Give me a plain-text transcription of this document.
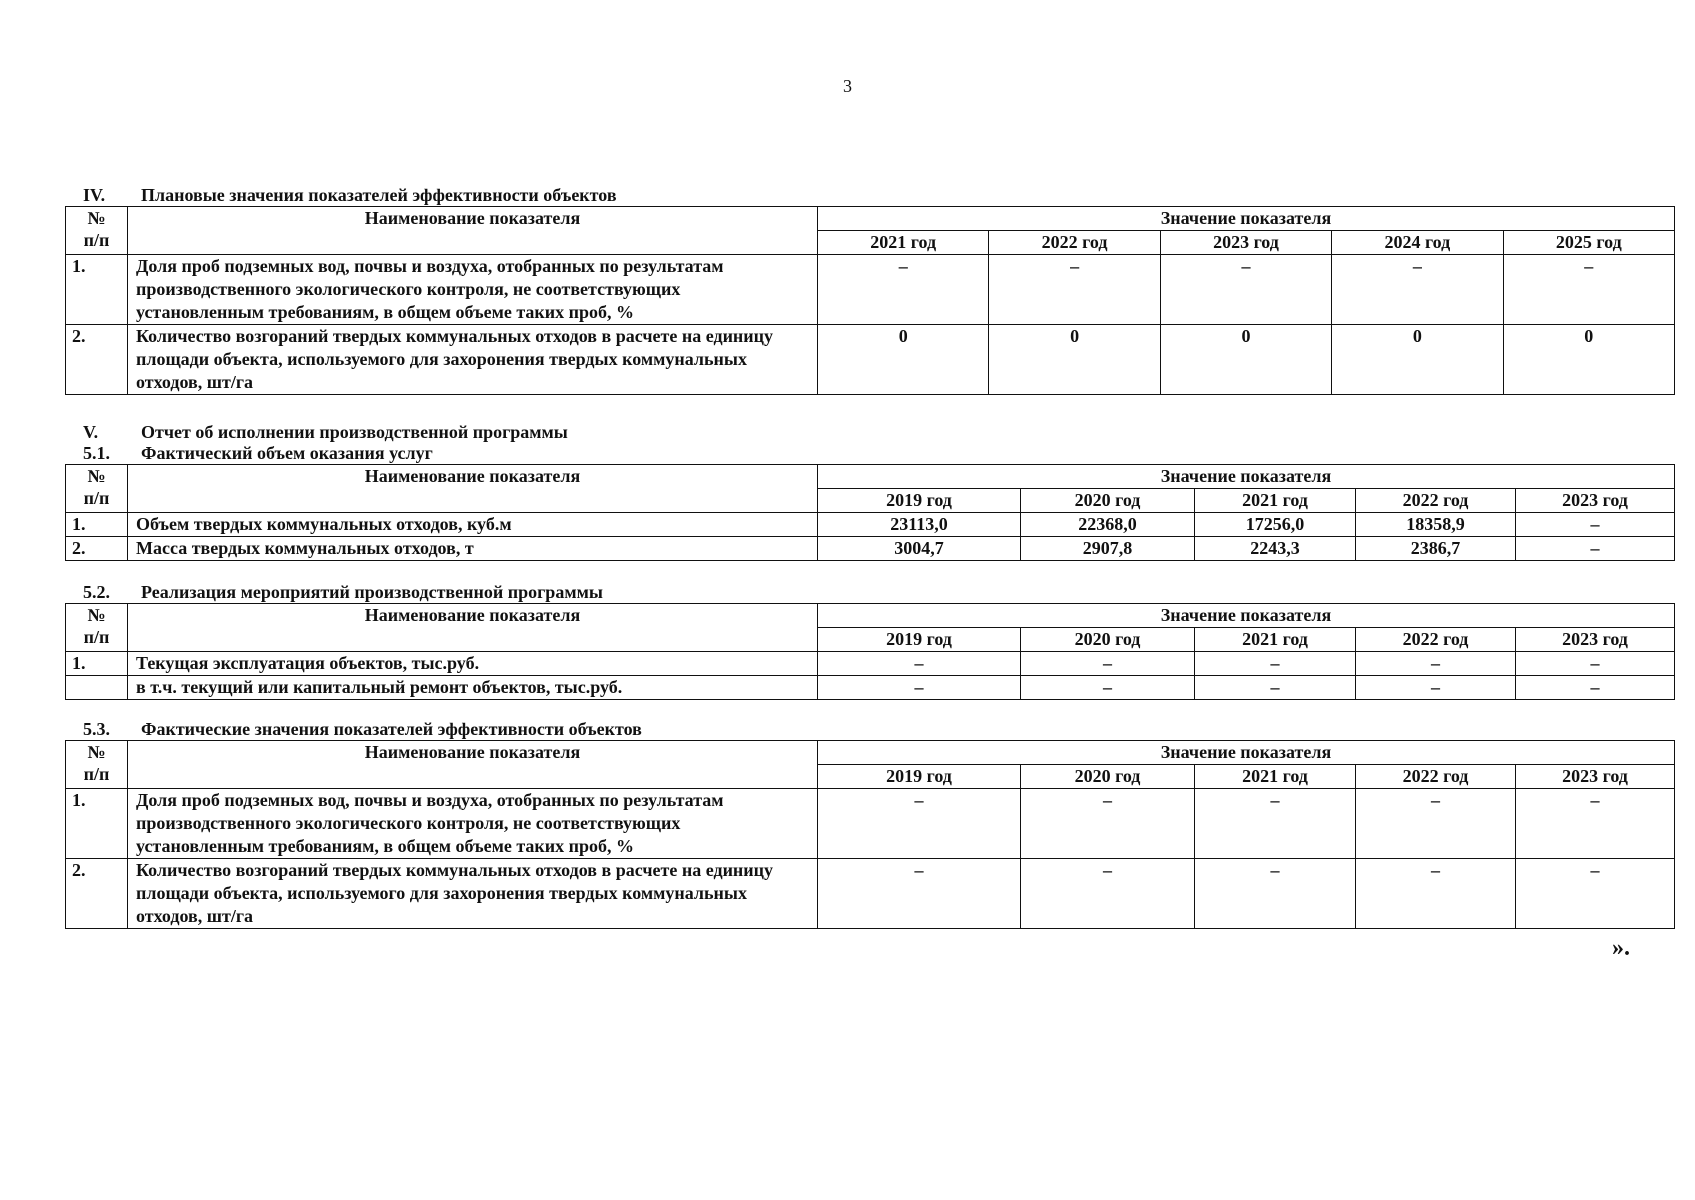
3
IV.	Плановые значения показателей эффективности объектов
№
п/п	Наименование показателя	Значение показателя				
		2021 год	2022 год	2023 год	2024 год	2025 год
1.	Доля проб подземных вод, почвы и воздуха, отобранных по результатам производственного экологического контроля, не соответствующих установленным требованиям, в общем объеме таких проб, %	–	–	–	–	–
2.	Количество возгораний твердых коммунальных отходов в расчете на единицу площади объекта, используемого для захоронения твердых коммунальных отходов, шт/га	0	0	0	0	0
V.	Отчет об исполнении производственной программы
5.1.	Фактический объем оказания услуг
№
п/п	Наименование показателя	Значение показателя				
		2019 год	2020 год	2021 год	2022 год	2023 год
1.	Объем твердых коммунальных отходов, куб.м	23113,0	22368,0	17256,0	18358,9	–
2.	Масса твердых коммунальных отходов, т	3004,7	2907,8	2243,3	2386,7	–
5.2.	Реализация мероприятий производственной программы
№
п/п	Наименование показателя	Значение показателя				
		2019 год	2020 год	2021 год	2022 год	2023 год
1.	Текущая эксплуатация объектов, тыс.руб.	–	–	–	–	–
	в т.ч. текущий или капитальный ремонт объектов, тыс.руб.	–	–	–	–	–
5.3.	Фактические значения показателей эффективности объектов
№
п/п	Наименование показателя	Значение показателя				
		2019 год	2020 год	2021 год	2022 год	2023 год
1.	Доля проб подземных вод, почвы и воздуха, отобранных по результатам производственного экологического контроля, не соответствующих установленным требованиям, в общем объеме таких проб, %	–	–	–	–	–
2.	Количество возгораний твердых коммунальных отходов в расчете на единицу площади объекта, используемого для захоронения твердых коммунальных отходов, шт/га	–	–	–	–	–
».
